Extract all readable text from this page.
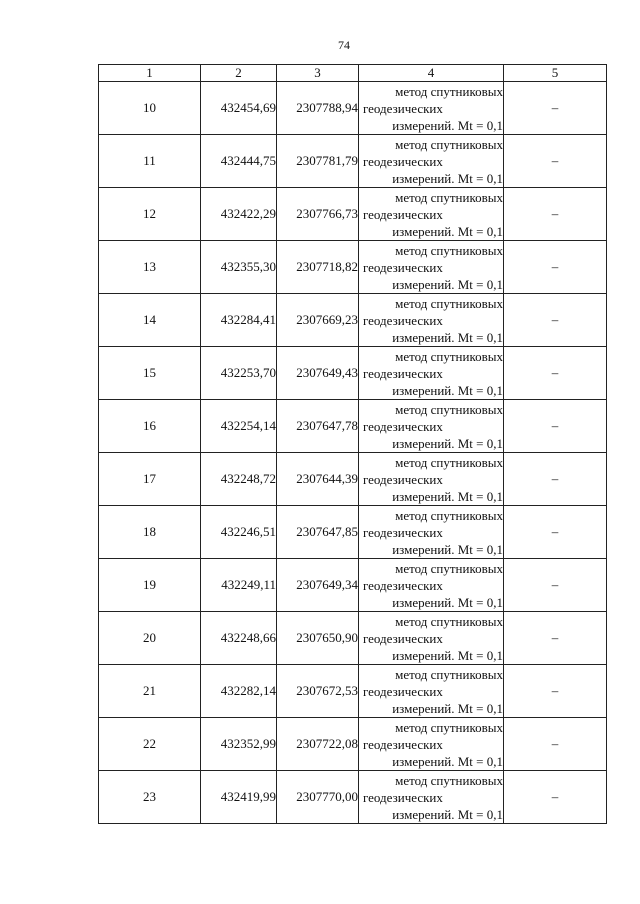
74
1	2	3	4	5
10	432454,69	2307788,94	метод спутниковых
геодезических
измерений. Mt = 0,1	–
11	432444,75	2307781,79	метод спутниковых
геодезических
измерений. Mt = 0,1	–
12	432422,29	2307766,73	метод спутниковых
геодезических
измерений. Mt = 0,1	–
13	432355,30	2307718,82	метод спутниковых
геодезических
измерений. Mt = 0,1	–
14	432284,41	2307669,23	метод спутниковых
геодезических
измерений. Mt = 0,1	–
15	432253,70	2307649,43	метод спутниковых
геодезических
измерений. Mt = 0,1	–
16	432254,14	2307647,78	метод спутниковых
геодезических
измерений. Mt = 0,1	–
17	432248,72	2307644,39	метод спутниковых
геодезических
измерений. Mt = 0,1	–
18	432246,51	2307647,85	метод спутниковых
геодезических
измерений. Mt = 0,1	–
19	432249,11	2307649,34	метод спутниковых
геодезических
измерений. Mt = 0,1	–
20	432248,66	2307650,90	метод спутниковых
геодезических
измерений. Mt = 0,1	–
21	432282,14	2307672,53	метод спутниковых
геодезических
измерений. Mt = 0,1	–
22	432352,99	2307722,08	метод спутниковых
геодезических
измерений. Mt = 0,1	–
23	432419,99	2307770,00	метод спутниковых
геодезических
измерений. Mt = 0,1	–
